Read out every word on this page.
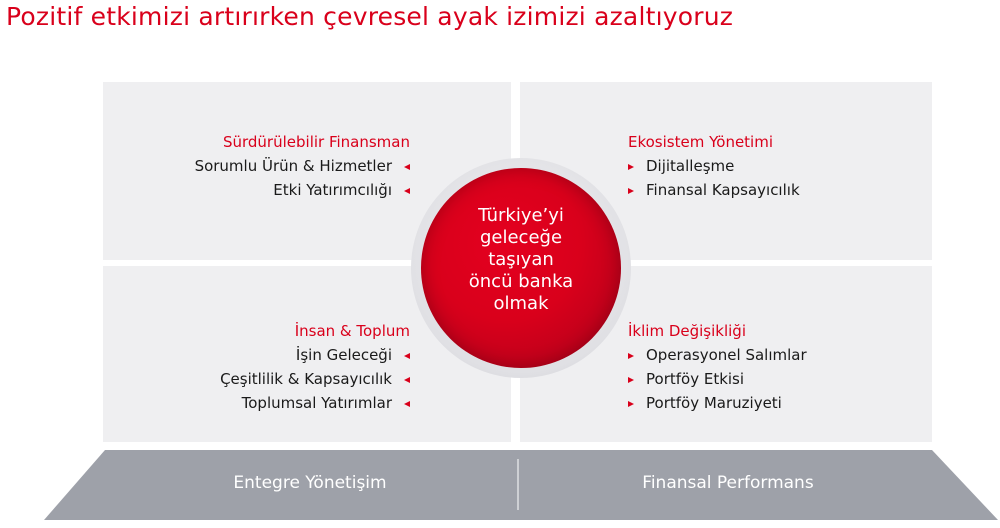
Pozitif etkimizi artırırken çevresel ayak izimizi azaltıyoruz
Sürdürülebilir Finansman
Sorumlu Ürün & Hizmetler
Etki Yatırımcılığı
Ekosistem Yönetimi
Dijitalleşme
Finansal Kapsayıcılık
İnsan & Toplum
İşin Geleceği
Çeşitlilik & Kapsayıcılık
Toplumsal Yatırımlar
İklim Değişikliği
Operasyonel Salımlar
Portföy Etkisi
Portföy Maruziyeti
Türkiye’yi
geleceğe
taşıyan
öncü banka
olmak
Entegre Yönetişim	Finansal Performans
